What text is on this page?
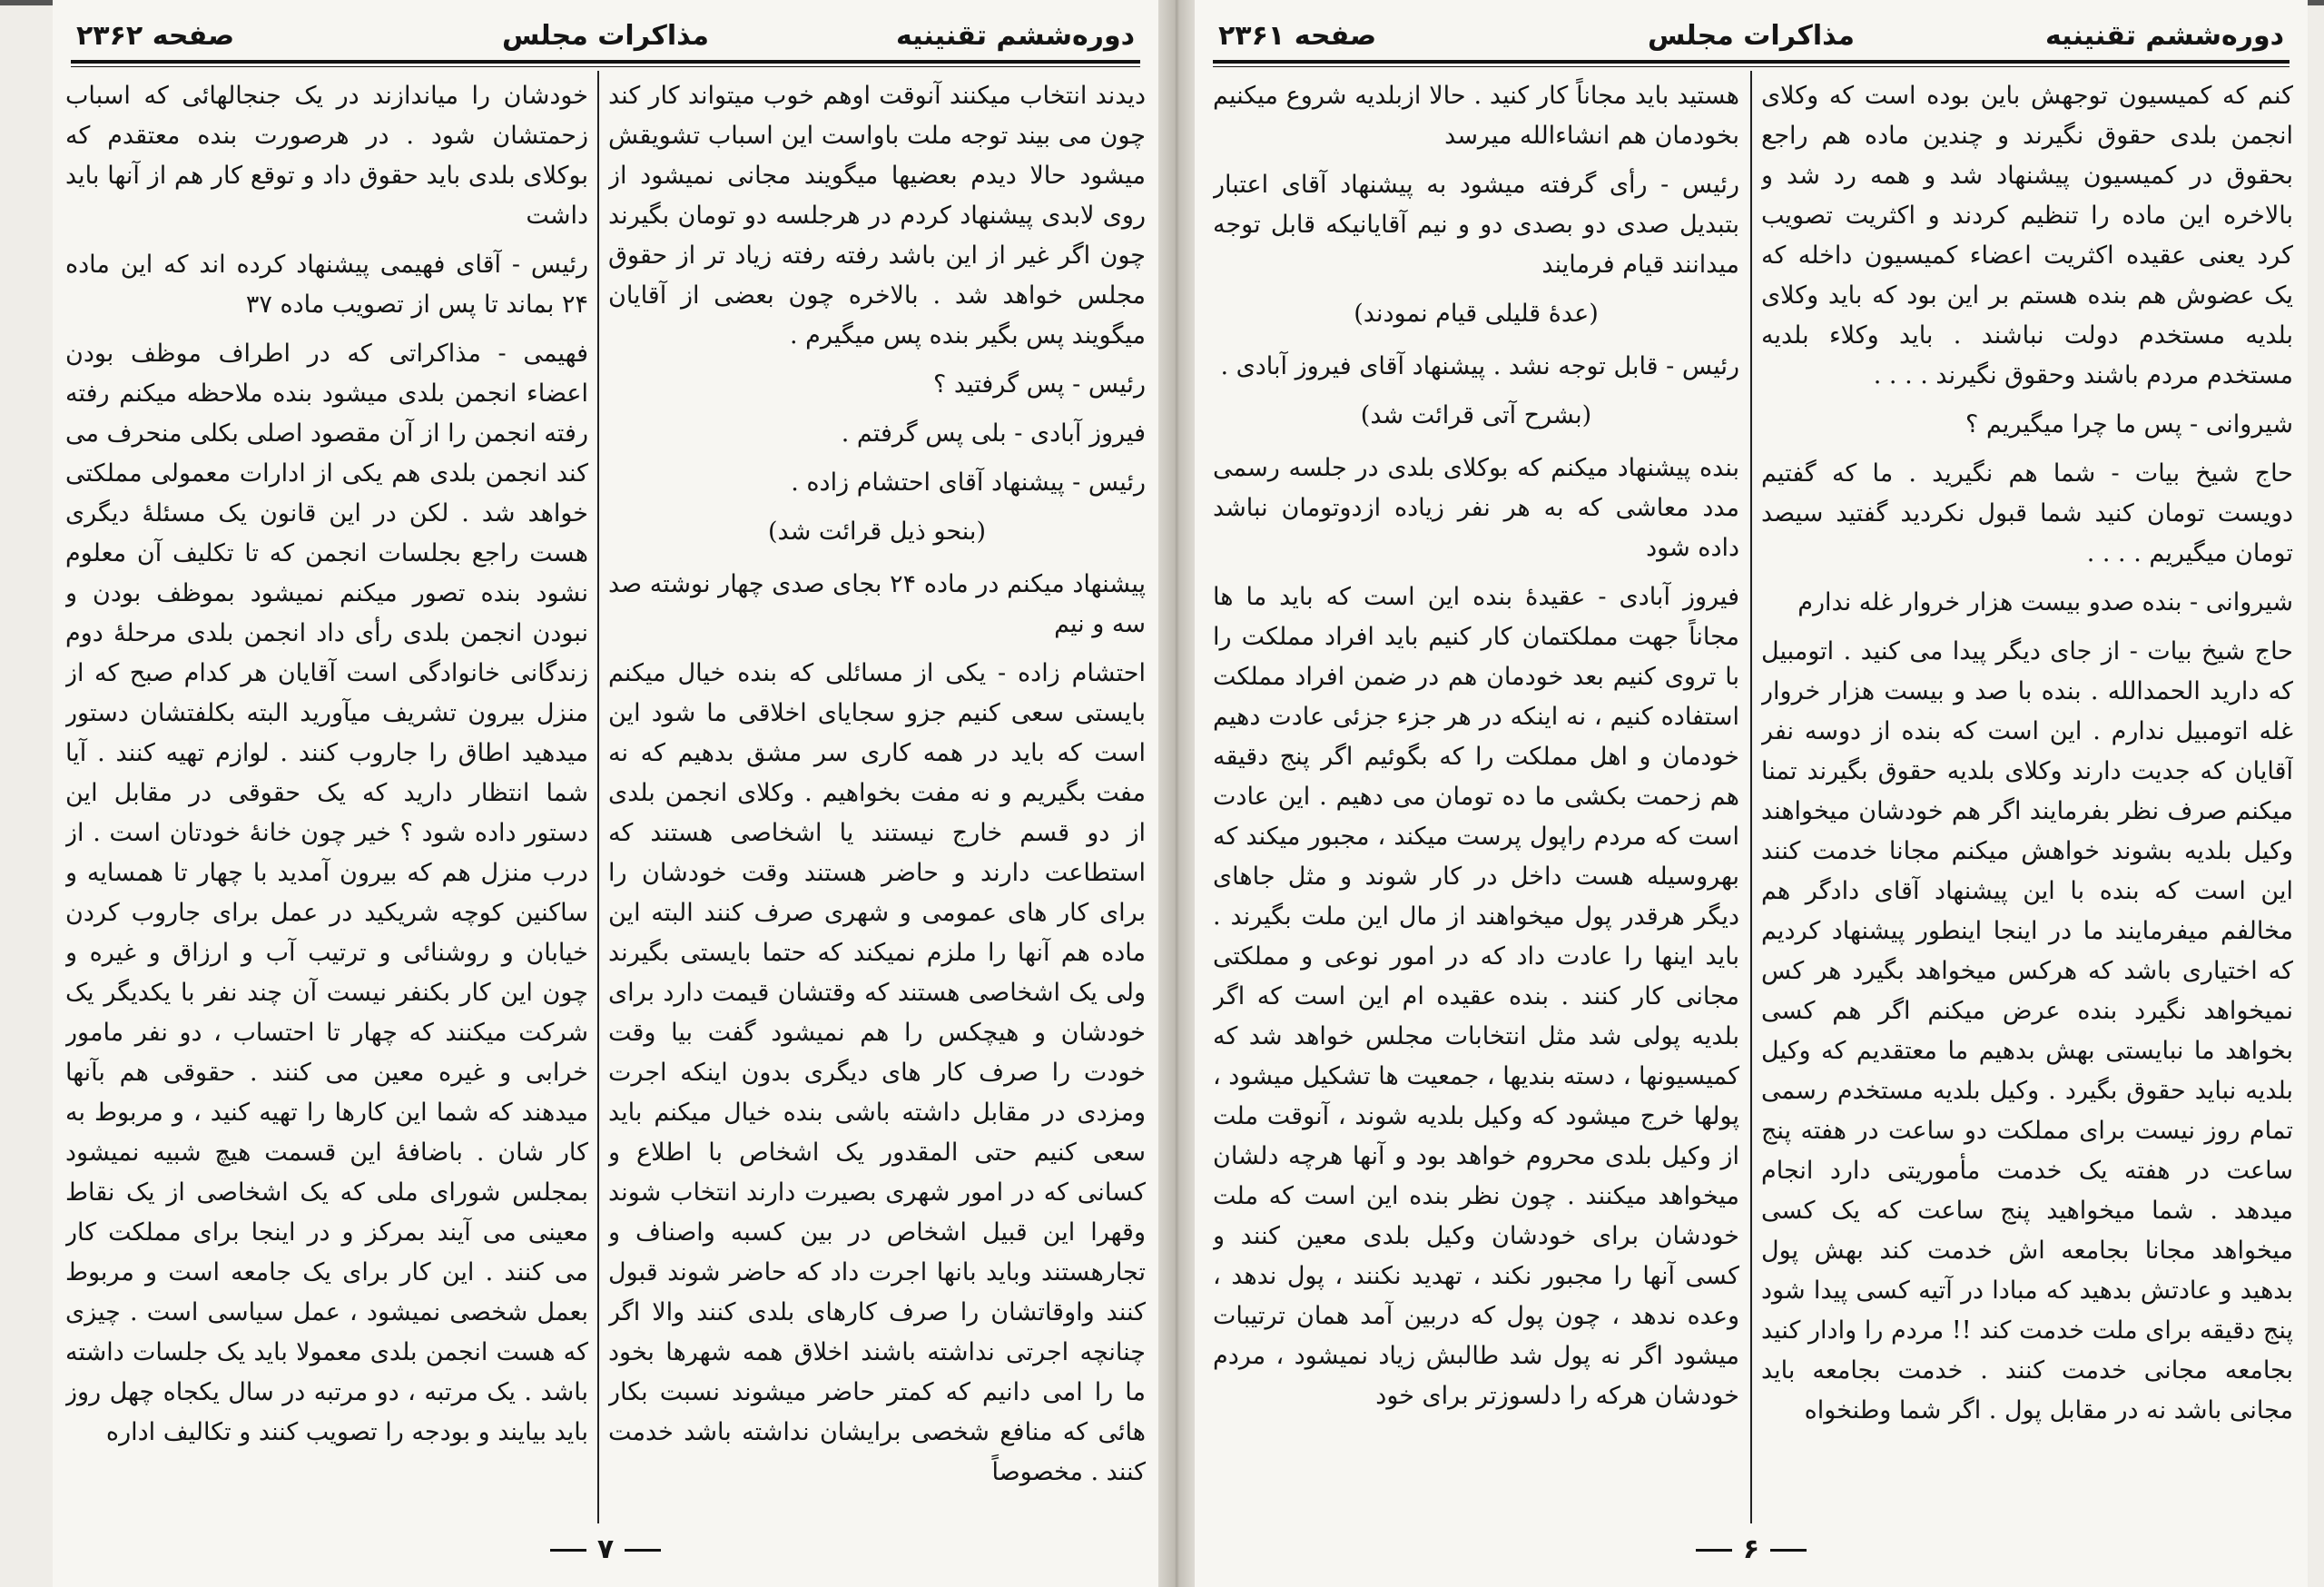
دوره‌ششم تقنینیه
مذاکرات مجلس
صفحه ۲۳۶۲

دیدند انتخاب میکنند آنوقت اوهم خوب میتواند کار کند چون می بیند توجه ملت باواست این اسباب تشویقش میشود حالا دیدم بعضیها میگویند مجانی نمیشود از روی لابدی پیشنهاد کردم در هرجلسه دو تومان بگیرند چون اگر غیر از این باشد رفته رفته زیاد تر از حقوق مجلس خواهد شد . بالاخره چون بعضی از آقایان میگویند پس بگیر بنده پس میگیرم .

رئیس - پس گرفتید ؟

فیروز آبادی - بلی پس گرفتم .

رئیس - پیشنهاد آقای احتشام زاده .

(بنحو ذیل قرائت شد)

پیشنهاد میکنم در ماده ۲۴ بجای صدی چهار نوشته صد سه و نیم

احتشام زاده - یکی از مسائلی که بنده خیال میکنم بایستی سعی کنیم جزو سجایای اخلاقی ما شود این است که باید در همه کاری سر مشق بدهیم که نه مفت بگیریم و نه مفت بخواهیم . وکلای انجمن بلدی از دو قسم خارج نیستند یا اشخاصی هستند که استطاعت دارند و حاضر هستند وقت خودشان را برای کار های عمومی و شهری صرف کنند البته این ماده هم آنها را ملزم نمیکند که حتما بایستی بگیرند ولی یک اشخاصی هستند که وقتشان قیمت دارد برای خودشان و هیچکس را هم نمیشود گفت بیا وقت خودت را صرف کار های دیگری بدون اینکه اجرت ومزدی در مقابل داشته باشی بنده خیال میکنم باید سعی کنیم حتی المقدور یک اشخاص با اطلاع و کسانی که در امور شهری بصیرت دارند انتخاب شوند وقهرا این قبیل اشخاص در بین کسبه واصناف و تجارهستند وباید بانها اجرت داد که حاضر شوند قبول کنند واوقاتشان را صرف کارهای بلدی کنند والا اگر چنانچه اجرتی نداشته باشند اخلاق همه شهرها بخود ما را امی دانیم که کمتر حاضر میشوند نسبت بکار هائی که منافع شخصی برایشان نداشته باشد خدمت کنند . مخصوصاً

خودشان را میاندازند در یک جنجالهائی که اسباب زحمتشان شود . در هرصورت بنده معتقدم که بوکلای بلدی باید حقوق داد و توقع کار هم از آنها باید داشت

رئیس - آقای فهیمی پیشنهاد کرده اند که این ماده ۲۴ بماند تا پس از تصویب ماده ۳۷

فهیمی - مذاکراتی که در اطراف موظف بودن اعضاء انجمن بلدی میشود بنده ملاحظه میکنم رفته رفته انجمن را از آن مقصود اصلی بکلی منحرف می کند انجمن بلدی هم یکی از ادارات معمولی مملکتی خواهد شد . لکن در این قانون یک مسئلهٔ دیگری هست راجع بجلسات انجمن که تا تکلیف آن معلوم نشود بنده تصور میکنم نمیشود بموظف بودن و نبودن انجمن بلدی رأی داد انجمن بلدی مرحلهٔ دوم زندگانی خانوادگی است آقایان هر کدام صبح که از منزل بیرون تشریف میآورید البته بکلفتشان دستور میدهید اطاق را جاروب کنند . لوازم تهیه کنند . آیا شما انتظار دارید که یک حقوقی در مقابل این دستور داده شود ؟ خیر چون خانهٔ خودتان است . از درب منزل هم که بیرون آمدید با چهار تا همسایه و ساکنین کوچه شریکید در عمل برای جاروب کردن خیابان و روشنائی و ترتیب آب و ارزاق و غیره و چون این کار بکنفر نیست آن چند نفر با یکدیگر یک شرکت میکنند که چهار تا احتساب ، دو نفر مامور خرابی و غیره معین می کنند . حقوقی هم بآنها میدهند که شما این کارها را تهیه کنید ، و مربوط به کار شان . باضافهٔ این قسمت هیچ شبیه نمیشود بمجلس شورای ملی که یک اشخاصی از یک نقاط معینی می آیند بمرکز و در اینجا برای مملکت کار می کنند . این کار برای یک جامعه است و مربوط بعمل شخصی نمیشود ، عمل سیاسی است . چیزی که هست انجمن بلدی معمولا باید یک جلسات داشته باشد . یک مرتبه ، دو مرتبه در سال یکجاه چهل روز باید بیایند و بودجه را تصویب کنند و تکالیف اداره

۷
دوره‌ششم تقنینیه
مذاکرات مجلس
صفحه ۲۳۶۱

کنم که کمیسیون توجهش باین بوده است که وکلای انجمن بلدی حقوق نگیرند و چندین ماده هم راجع بحقوق در کمیسیون پیشنهاد شد و همه رد شد و بالاخره این ماده را تنظیم کردند و اکثریت تصویب کرد یعنی عقیده اکثریت اعضاء کمیسیون داخله که یک عضوش هم بنده هستم بر این بود که باید وکلای بلدیه مستخدم دولت نباشند . باید وکلاء بلدیه مستخدم مردم باشند وحقوق نگیرند . . . .

شیروانی - پس ما چرا میگیریم ؟

حاج شیخ بیات - شما هم نگیرید . ما که گفتیم دویست تومان کنید شما قبول نکردید گفتید سیصد تومان میگیریم . . . .

شیروانی - بنده صدو بیست هزار خروار غله ندارم

حاج شیخ بیات - از جای دیگر پیدا می کنید . اتومبیل که دارید الحمدالله . بنده با صد و بیست هزار خروار غله اتومبیل ندارم . این است که بنده از دوسه نفر آقایان که جدیت دارند وکلای بلدیه حقوق بگیرند تمنا میکنم صرف نظر بفرمایند اگر هم خودشان میخواهند وکیل بلدیه بشوند خواهش میکنم مجانا خدمت کنند این است که بنده با این پیشنهاد آقای دادگر هم مخالفم میفرمایند ما در اینجا اینطور پیشنهاد کردیم که اختیاری باشد که هرکس میخواهد بگیرد هر کس نمیخواهد نگیرد بنده عرض میکنم اگر هم کسی بخواهد ما نبایستی بهش بدهیم ما معتقدیم که وکیل بلدیه نباید حقوق بگیرد . وکیل بلدیه مستخدم رسمی تمام روز نیست برای مملکت دو ساعت در هفته پنج ساعت در هفته یک خدمت مأموریتی دارد انجام میدهد . شما میخواهید پنج ساعت که یک کسی میخواهد مجانا بجامعه اش خدمت کند بهش پول بدهید و عادتش بدهید که مبادا در آتیه کسی پیدا شود پنج دقیقه برای ملت خدمت کند !! مردم را وادار کنید بجامعه مجانی خدمت کنند . خدمت بجامعه باید مجانی باشد نه در مقابل پول . اگر شما وطنخواه

هستید باید مجاناً کار کنید . حالا ازبلدیه شروع میکنیم بخودمان هم انشاءالله میرسد

رئیس - رأی گرفته میشود به پیشنهاد آقای اعتبار بتبدیل صدی دو بصدی دو و نیم آقایانیکه قابل توجه میدانند قیام فرمایند

(عدهٔ قلیلی قیام نمودند)

رئیس - قابل توجه نشد . پیشنهاد آقای فیروز آبادی .

(بشرح آتی قرائت شد)

بنده پیشنهاد میکنم که بوکلای بلدی در جلسه رسمی مدد معاشی که به هر نفر زیاده ازدوتومان نباشد داده شود

فیروز آبادی - عقیدهٔ بنده این است که باید ما ها مجاناً جهت مملکتمان کار کنیم باید افراد مملکت را با تروی کنیم بعد خودمان هم در ضمن افراد مملکت استفاده کنیم ، نه اینکه در هر جزء جزئی عادت دهیم خودمان و اهل مملکت را که بگوئیم اگر پنج دقیقه هم زحمت بکشی ما ده تومان می دهیم . این عادت است که مردم راپول پرست میکند ، مجبور میکند که بهروسیله هست داخل در کار شوند و مثل جاهای دیگر هرقدر پول میخواهند از مال این ملت بگیرند . باید اینها را عادت داد که در امور نوعی و مملکتی مجانی کار کنند . بنده عقیده ام این است که اگر بلدیه پولی شد مثل انتخابات مجلس خواهد شد که کمیسیونها ، دسته بندیها ، جمعیت ها تشکیل میشود ، پولها خرج میشود که وکیل بلدیه شوند ، آنوقت ملت از وکیل بلدی محروم خواهد بود و آنها هرچه دلشان میخواهد میکنند . چون نظر بنده این است که ملت خودشان برای خودشان وکیل بلدی معین کنند و کسی آنها را مجبور نکند ، تهدید نکنند ، پول ندهد ، وعده ندهد ، چون پول که دربین آمد همان ترتیبات میشود اگر نه پول شد طالبش زیاد نمیشود ، مردم خودشان هرکه را دلسوزتر برای خود

۶
